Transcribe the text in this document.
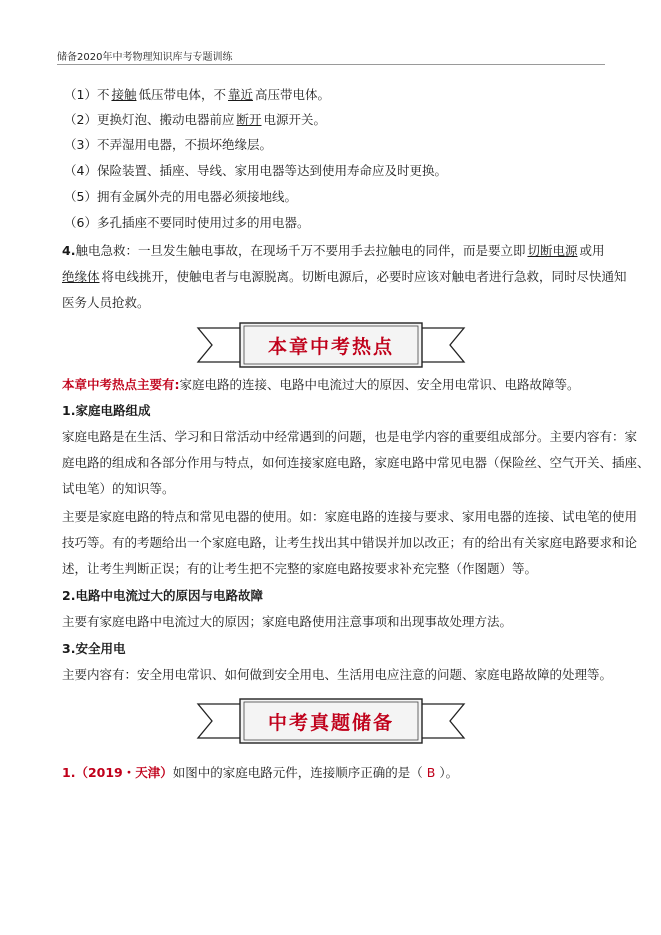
储备2020年中考物理知识库与专题训练
（1）不 接触 低压带电体，不 靠近 高压带电体。
（2）更换灯泡、搬动电器前应 断开 电源开关。
（3）不弄湿用电器，不损坏绝缘层。
（4）保险装置、插座、导线、家用电器等达到使用寿命应及时更换。
（5）拥有金属外壳的用电器必须接地线。
（6）多孔插座不要同时使用过多的用电器。
4.触电急救：一旦发生触电事故，在现场千万不要用手去拉触电的同伴，而是要立即 切断电源 或用
绝缘体 将电线挑开，使触电者与电源脱离。切断电源后，必要时应该对触电者进行急救，同时尽快通知
医务人员抢救。
本章中考热点
本章中考热点主要有:家庭电路的连接、电路中电流过大的原因、安全用电常识、电路故障等。
1.家庭电路组成
家庭电路是在生活、学习和日常活动中经常遇到的问题，也是电学内容的重要组成部分。主要内容有：家
庭电路的组成和各部分作用与特点，如何连接家庭电路，家庭电路中常见电器（保险丝、空气开关、插座、
试电笔）的知识等。
主要是家庭电路的特点和常见电器的使用。如：家庭电路的连接与要求、家用电器的连接、试电笔的使用
技巧等。有的考题给出一个家庭电路，让考生找出其中错误并加以改正；有的给出有关家庭电路要求和论
述，让考生判断正误；有的让考生把不完整的家庭电路按要求补充完整（作图题）等。
2.电路中电流过大的原因与电路故障
主要有家庭电路中电流过大的原因；家庭电路使用注意事项和出现事故处理方法。
3.安全用电
主要内容有：安全用电常识、如何做到安全用电、生活用电应注意的问题、家庭电路故障的处理等。
中考真题储备
1.（2019・天津）如图中的家庭电路元件，连接顺序正确的是（ B ）。
